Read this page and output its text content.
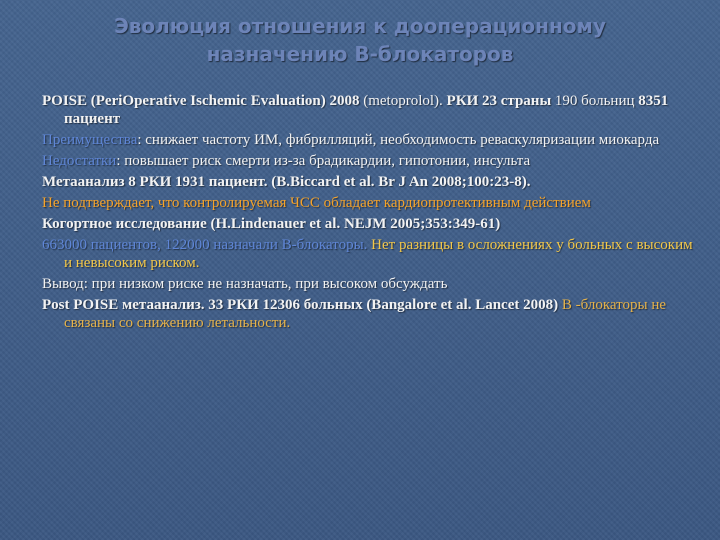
Эволюция отношения к дооперационному
назначению В-блокаторов
POISE (PeriOperative Ischemic Evaluation) 2008 (metoprolol). РКИ 23 страны 190 больниц 8351 пациент
Преимущества: снижает частоту ИМ, фибрилляций, необходимость реваскуляризации миокарда
Недостатки: повышает риск смерти из-за брадикардии, гипотонии, инсульта
Метаанализ 8 РКИ 1931 пациент. (B.Biccard et al. Br J An 2008;100:23-8).
Не подтверждает, что контролируемая ЧСС обладает кардиопротективным действием
Когортное исследование (H.Lindenauer et al. NEJM 2005;353:349-61)
663000 пациентов, 122000 назначали В-блокаторы. Нет разницы в осложнениях у больных с высоким и невысоким риском.
Вывод: при низком риске не назначать, при высоком обсуждать
Post POISE метаанализ. 33 РКИ 12306 больных (Bangalore et al. Lancet 2008) В -блокаторы не связаны со снижению летальности.
